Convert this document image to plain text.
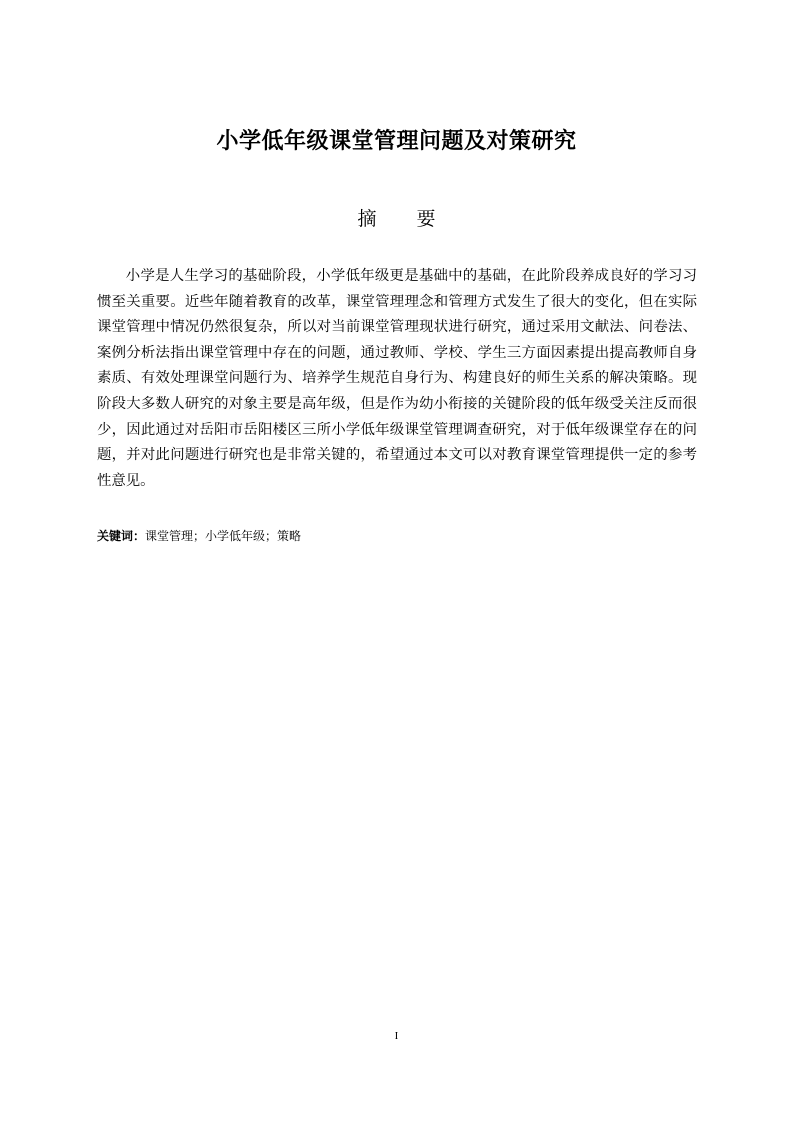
小学低年级课堂管理问题及对策研究
摘要

小学是人生学习的基础阶段，小学低年级更是基础中的基础，在此阶段养成良好的学习习惯至关重要。近些年随着教育的改革，课堂管理理念和管理方式发生了很大的变化，但在实际课堂管理中情况仍然很复杂，所以对当前课堂管理现状进行研究，通过采用文献法、问卷法、案例分析法指出课堂管理中存在的问题，通过教师、学校、学生三方面因素提出提高教师自身素质、有效处理课堂问题行为、培养学生规范自身行为、构建良好的师生关系的解决策略。现阶段大多数人研究的对象主要是高年级，但是作为幼小衔接的关键阶段的低年级受关注反而很少，因此通过对岳阳市岳阳楼区三所小学低年级课堂管理调查研究，对于低年级课堂存在的问题，并对此问题进行研究也是非常关键的，希望通过本文可以对教育课堂管理提供一定的参考性意见。

关键词：课堂管理；小学低年级；策略
I
